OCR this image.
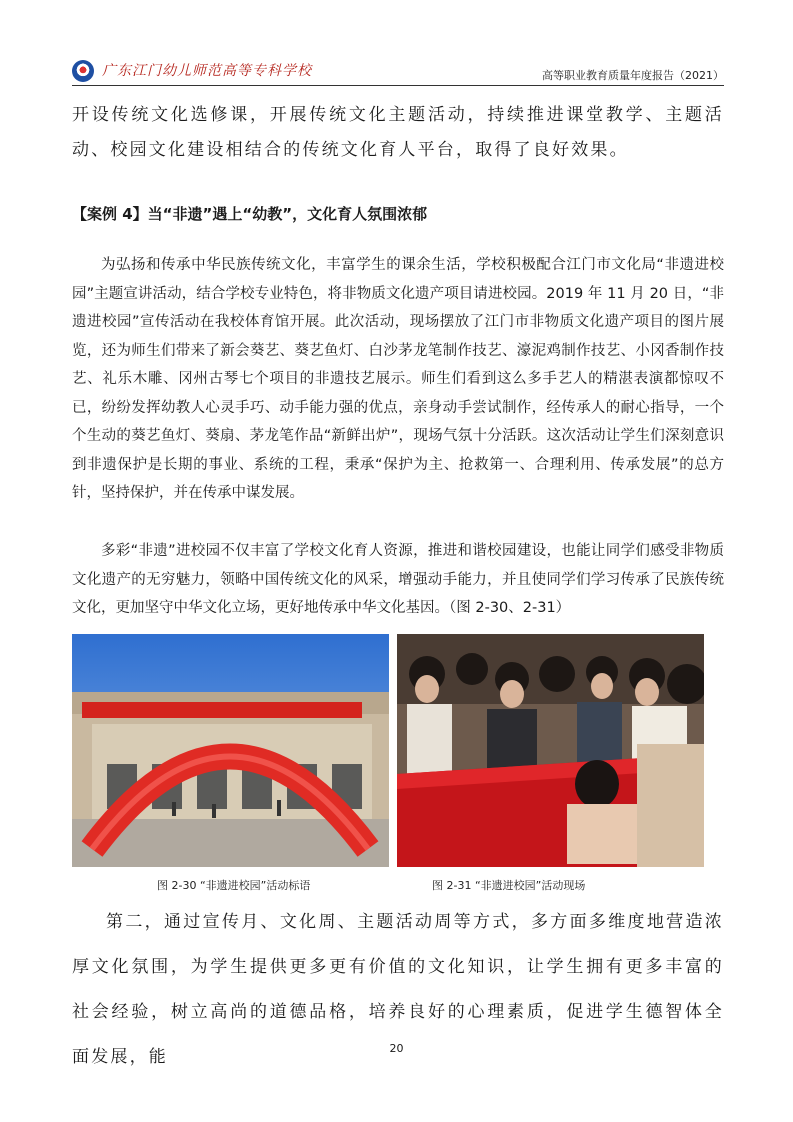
广东江门幼儿师范高等专科学校	高等职业教育质量年度报告（2021）

开设传统文化选修课，开展传统文化主题活动，持续推进课堂教学、主题活动、校园文化建设相结合的传统文化育人平台，取得了良好效果。

【案例 4】当“非遗”遇上“幼教”，文化育人氛围浓郁

为弘扬和传承中华民族传统文化，丰富学生的课余生活，学校积极配合江门市文化局“非遗进校园”主题宣讲活动，结合学校专业特色，将非物质文化遗产项目请进校园。2019 年 11 月 20 日，“非遗进校园”宣传活动在我校体育馆开展。此次活动，现场摆放了江门市非物质文化遗产项目的图片展览，还为师生们带来了新会葵艺、葵艺鱼灯、白沙茅龙笔制作技艺、濠泥鸡制作技艺、小冈香制作技艺、礼乐木雕、冈州古琴七个项目的非遗技艺展示。师生们看到这么多手艺人的精湛表演都惊叹不已，纷纷发挥幼教人心灵手巧、动手能力强的优点，亲身动手尝试制作，经传承人的耐心指导，一个个生动的葵艺鱼灯、葵扇、茅龙笔作品“新鲜出炉”，现场气氛十分活跃。这次活动让学生们深刻意识到非遗保护是长期的事业、系统的工程，秉承“保护为主、抢救第一、合理利用、传承发展”的总方针，坚持保护，并在传承中谋发展。

多彩“非遗”进校园不仅丰富了学校文化育人资源，推进和谐校园建设，也能让同学们感受非物质文化遗产的无穷魅力，领略中国传统文化的风采，增强动手能力，并且使同学们学习传承了民族传统文化，更加坚守中华文化立场，更好地传承中华文化基因。（图 2-30、2-31）

图 2-30 “非遗进校园”活动标语	图 2-31 “非遗进校园”活动现场

第二，通过宣传月、文化周、主题活动周等方式，多方面多维度地营造浓厚文化氛围，为学生提供更多更有价值的文化知识，让学生拥有更多丰富的社会经验，树立高尚的道德品格，培养良好的心理素质，促进学生德智体全面发展，能	20
